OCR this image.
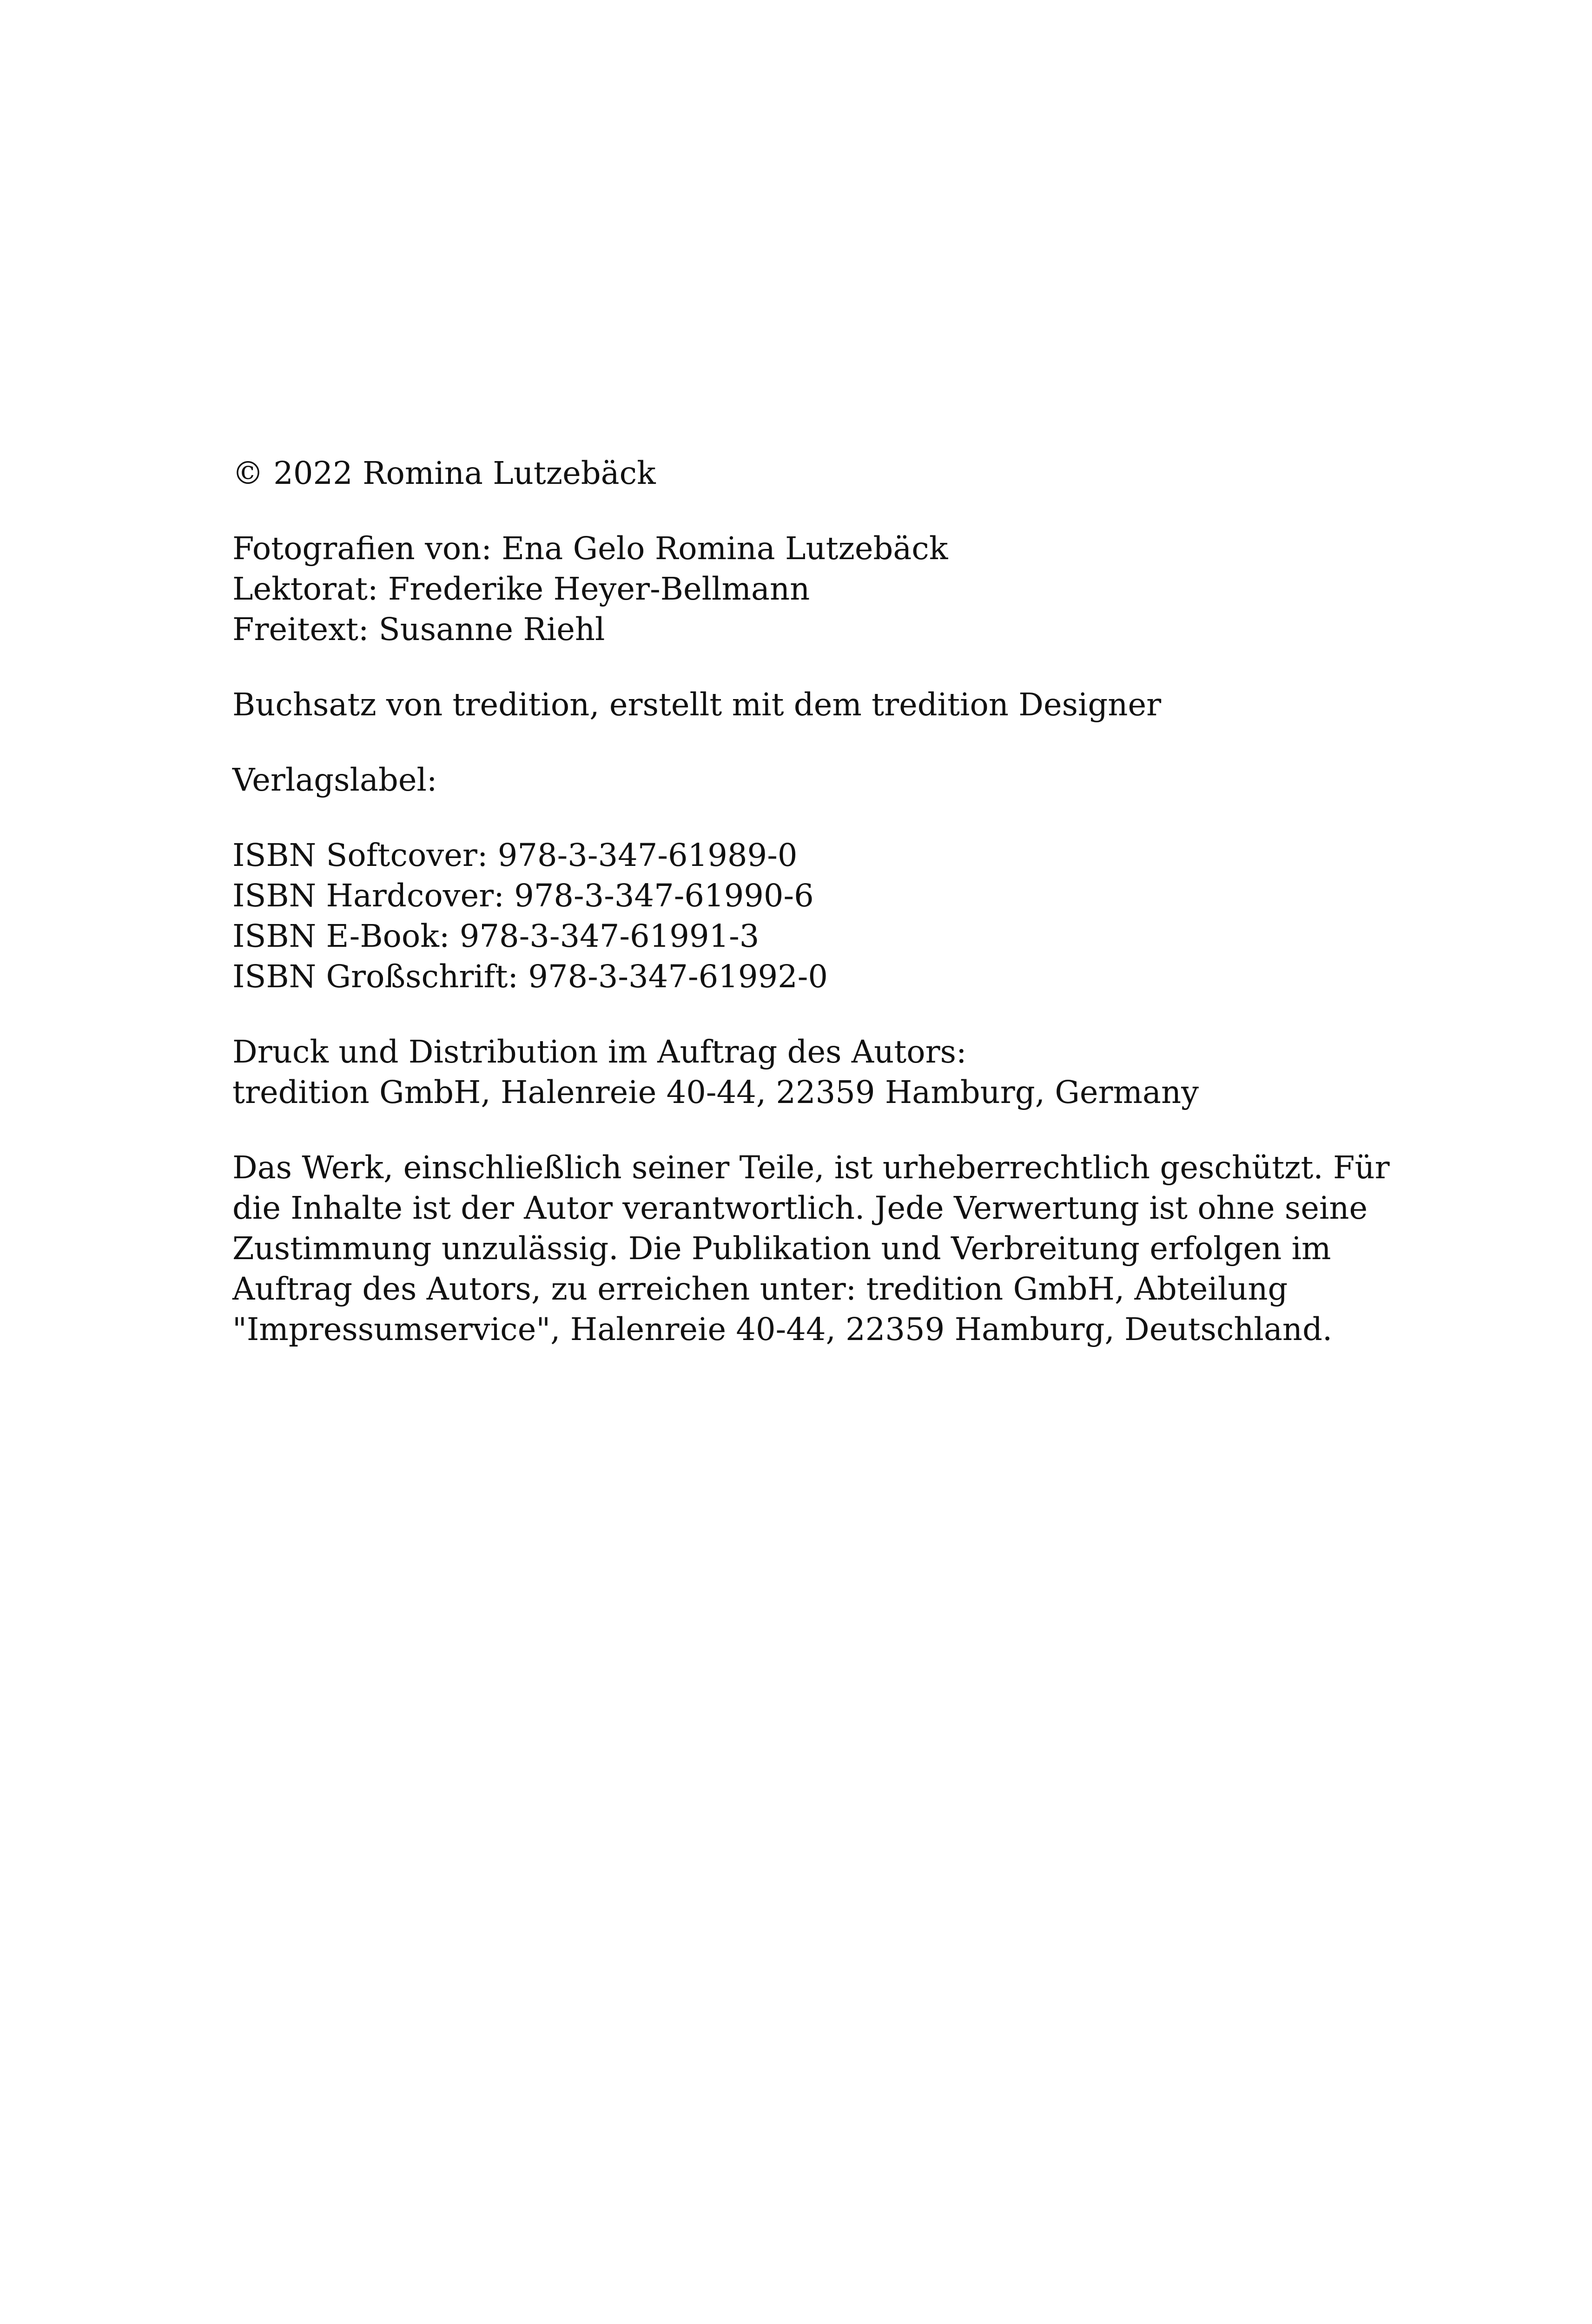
© 2022 Romina Lutzebäck
Fotografien von: Ena Gelo Romina Lutzebäck
Lektorat: Frederike Heyer-Bellmann
Freitext: Susanne Riehl
Buchsatz von tredition, erstellt mit dem tredition Designer
Verlagslabel:
ISBN Softcover: 978-3-347-61989-0
ISBN Hardcover: 978-3-347-61990-6
ISBN E-Book: 978-3-347-61991-3
ISBN Großschrift: 978-3-347-61992-0
Druck und Distribution im Auftrag des Autors:
tredition GmbH, Halenreie 40-44, 22359 Hamburg, Germany
Das Werk, einschließlich seiner Teile, ist urheberrechtlich geschützt. Für
die Inhalte ist der Autor verantwortlich. Jede Verwertung ist ohne seine
Zustimmung unzulässig. Die Publikation und Verbreitung erfolgen im
Auftrag des Autors, zu erreichen unter: tredition GmbH, Abteilung
"Impressumservice", Halenreie 40-44, 22359 Hamburg, Deutschland.
